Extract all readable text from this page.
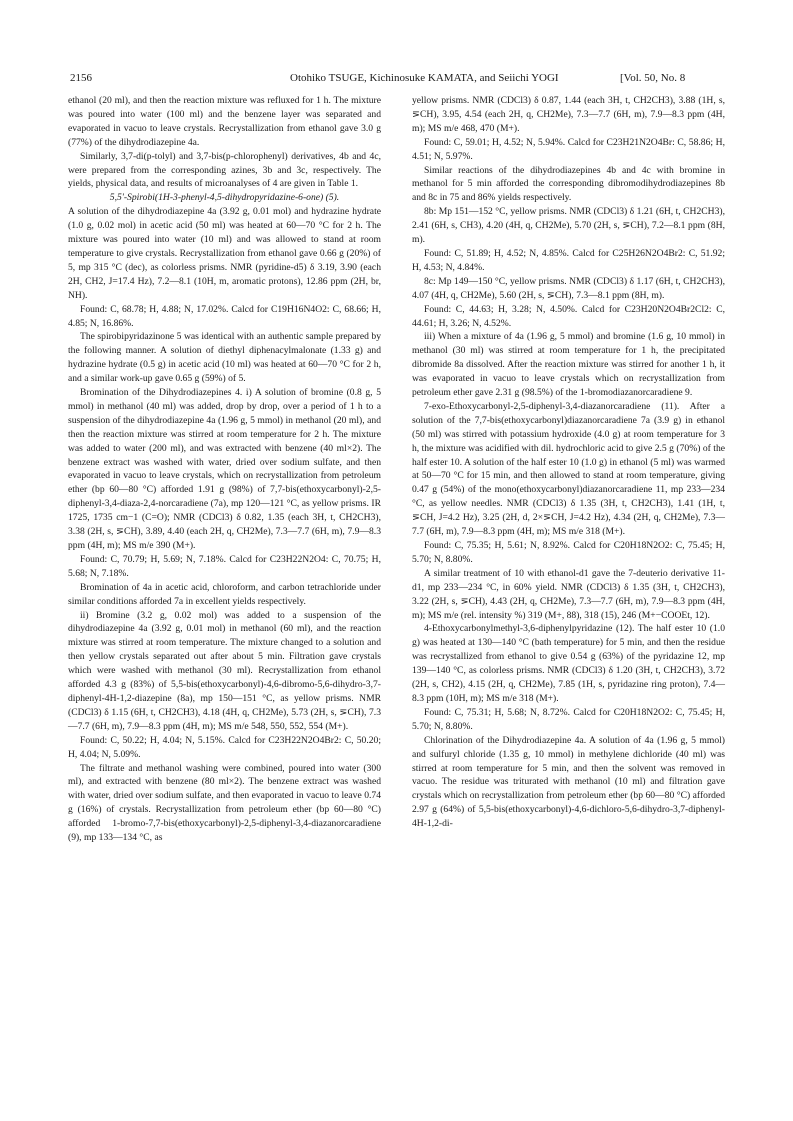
2156	Otohiko TSUGE, Kichinosuke KAMATA, and Seiichi YOGI	[Vol. 50, No. 8

ethanol (20 ml), and then the reaction mixture was refluxed for 1 h. The mixture was poured into water (100 ml) and the benzene layer was separated and evaporated in vacuo to leave crystals. Recrystallization from ethanol gave 3.0 g (77%) of the dihydrodiazepine 4a.

Similarly, 3,7-di(p-tolyl) and 3,7-bis(p-chlorophenyl) derivatives, 4b and 4c, were prepared from the corresponding azines, 3b and 3c, respectively. The yields, physical data, and results of microanalyses of 4 are given in Table 1.

5,5'-Spirobi(1H-3-phenyl-4,5-dihydropyridazine-6-one) (5).

A solution of the dihydrodiazepine 4a (3.92 g, 0.01 mol) and hydrazine hydrate (1.0 g, 0.02 mol) in acetic acid (50 ml) was heated at 60—70 °C for 2 h. The mixture was poured into water (10 ml) and was allowed to stand at room temperature to give crystals. Recrystallization from ethanol gave 0.66 g (20%) of 5, mp 315 °C (dec), as colorless prisms. NMR (pyridine-d5) δ 3.19, 3.90 (each 2H, CH2, J=17.4 Hz), 7.2—8.1 (10H, m, aromatic protons), 12.86 ppm (2H, br, NH).

Found: C, 68.78; H, 4.88; N, 17.02%. Calcd for C19H16N4O2: C, 68.66; H, 4.85; N, 16.86%.

The spirobipyridazinone 5 was identical with an authentic sample prepared by the following manner. A solution of diethyl diphenacylmalonate (1.33 g) and hydrazine hydrate (0.5 g) in acetic acid (10 ml) was heated at 60—70 °C for 2 h, and a similar work-up gave 0.65 g (59%) of 5.

Bromination of the Dihydrodiazepines 4. i) A solution of bromine (0.8 g, 5 mmol) in methanol (40 ml) was added, drop by drop, over a period of 1 h to a suspension of the dihydrodiazepine 4a (1.96 g, 5 mmol) in methanol (20 ml), and then the reaction mixture was stirred at room temperature for 2 h. The mixture was added to water (200 ml), and was extracted with benzene (40 ml×2). The benzene extract was washed with water, dried over sodium sulfate, and then evaporated in vacuo to leave crystals, which on recrystallization from petroleum ether (bp 60—80 °C) afforded 1.91 g (98%) of 7,7-bis(ethoxycarbonyl)-2,5-diphenyl-3,4-diaza-2,4-norcaradiene (7a), mp 120—121 °C, as yellow prisms. IR 1725, 1735 cm−1 (C=O); NMR (CDCl3) δ 0.82, 1.35 (each 3H, t, CH2CH3), 3.38 (2H, s, ⋝CH), 3.89, 4.40 (each 2H, q, CH2Me), 7.3—7.7 (6H, m), 7.9—8.3 ppm (4H, m); MS m/e 390 (M+).

Found: C, 70.79; H, 5.69; N, 7.18%. Calcd for C23H22N2O4: C, 70.75; H, 5.68; N, 7.18%.

Bromination of 4a in acetic acid, chloroform, and carbon tetrachloride under similar conditions afforded 7a in excellent yields respectively.

ii) Bromine (3.2 g, 0.02 mol) was added to a suspension of the dihydrodiazepine 4a (3.92 g, 0.01 mol) in methanol (60 ml), and the reaction mixture was stirred at room temperature. The mixture changed to a solution and then yellow crystals separated out after about 5 min. Filtration gave crystals which were washed with methanol (30 ml). Recrystallization from ethanol afforded 4.3 g (83%) of 5,5-bis(ethoxycarbonyl)-4,6-dibromo-5,6-dihydro-3,7-diphenyl-4H-1,2-diazepine (8a), mp 150—151 °C, as yellow prisms. NMR (CDCl3) δ 1.15 (6H, t, CH2CH3), 4.18 (4H, q, CH2Me), 5.73 (2H, s, ⋝CH), 7.3—7.7 (6H, m), 7.9—8.3 ppm (4H, m); MS m/e 548, 550, 552, 554 (M+).

Found: C, 50.22; H, 4.04; N, 5.15%. Calcd for C23H22N2O4Br2: C, 50.20; H, 4.04; N, 5.09%.

The filtrate and methanol washing were combined, poured into water (300 ml), and extracted with benzene (80 ml×2). The benzene extract was washed with water, dried over sodium sulfate, and then evaporated in vacuo to leave 0.74 g (16%) of crystals. Recrystallization from petroleum ether (bp 60—80 °C) afforded 1-bromo-7,7-bis(ethoxycarbonyl)-2,5-diphenyl-3,4-diazanorcaradiene (9), mp 133—134 °C, as

yellow prisms. NMR (CDCl3) δ 0.87, 1.44 (each 3H, t, CH2CH3), 3.88 (1H, s, ⋝CH), 3.95, 4.54 (each 2H, q, CH2Me), 7.3—7.7 (6H, m), 7.9—8.3 ppm (4H, m); MS m/e 468, 470 (M+).

Found: C, 59.01; H, 4.52; N, 5.94%. Calcd for C23H21N2O4Br: C, 58.86; H, 4.51; N, 5.97%.

Similar reactions of the dihydrodiazepines 4b and 4c with bromine in methanol for 5 min afforded the corresponding dibromodihydrodiazepines 8b and 8c in 75 and 86% yields respectively.

8b: Mp 151—152 °C, yellow prisms. NMR (CDCl3) δ 1.21 (6H, t, CH2CH3), 2.41 (6H, s, CH3), 4.20 (4H, q, CH2Me), 5.70 (2H, s, ⋝CH), 7.2—8.1 ppm (8H, m).

Found: C, 51.89; H, 4.52; N, 4.85%. Calcd for C25H26N2O4Br2: C, 51.92; H, 4.53; N, 4.84%.

8c: Mp 149—150 °C, yellow prisms. NMR (CDCl3) δ 1.17 (6H, t, CH2CH3), 4.07 (4H, q, CH2Me), 5.60 (2H, s, ⋝CH), 7.3—8.1 ppm (8H, m).

Found: C, 44.63; H, 3.28; N, 4.50%. Calcd for C23H20N2O4Br2Cl2: C, 44.61; H, 3.26; N, 4.52%.

iii) When a mixture of 4a (1.96 g, 5 mmol) and bromine (1.6 g, 10 mmol) in methanol (30 ml) was stirred at room temperature for 1 h, the precipitated dibromide 8a dissolved. After the reaction mixture was stirred for another 1 h, it was evaporated in vacuo to leave crystals which on recrystallization from petroleum ether gave 2.31 g (98.5%) of the 1-bromodiazanorcaradiene 9.

7-exo-Ethoxycarbonyl-2,5-diphenyl-3,4-diazanorcaradiene (11). After a solution of the 7,7-bis(ethoxycarbonyl)diazanorcaradiene 7a (3.9 g) in ethanol (50 ml) was stirred with potassium hydroxide (4.0 g) at room temperature for 3 h, the mixture was acidified with dil. hydrochloric acid to give 2.5 g (70%) of the half ester 10. A solution of the half ester 10 (1.0 g) in ethanol (5 ml) was warmed at 50—70 °C for 15 min, and then allowed to stand at room temperature, giving 0.47 g (54%) of the mono(ethoxycarbonyl)diazanorcaradiene 11, mp 233—234 °C, as yellow needles. NMR (CDCl3) δ 1.35 (3H, t, CH2CH3), 1.41 (1H, t, ⋝CH, J=4.2 Hz), 3.25 (2H, d, 2×⋝CH, J=4.2 Hz), 4.34 (2H, q, CH2Me), 7.3—7.7 (6H, m), 7.9—8.3 ppm (4H, m); MS m/e 318 (M+).

Found: C, 75.35; H, 5.61; N, 8.92%. Calcd for C20H18N2O2: C, 75.45; H, 5.70; N, 8.80%.

A similar treatment of 10 with ethanol-d1 gave the 7-deuterio derivative 11-d1, mp 233—234 °C, in 60% yield. NMR (CDCl3) δ 1.35 (3H, t, CH2CH3), 3.22 (2H, s, ⋝CH), 4.43 (2H, q, CH2Me), 7.3—7.7 (6H, m), 7.9—8.3 ppm (4H, m); MS m/e (rel. intensity %) 319 (M+, 88), 318 (15), 246 (M+−COOEt, 12).

4-Ethoxycarbonylmethyl-3,6-diphenylpyridazine (12). The half ester 10 (1.0 g) was heated at 130—140 °C (bath temperature) for 5 min, and then the residue was recrystallized from ethanol to give 0.54 g (63%) of the pyridazine 12, mp 139—140 °C, as colorless prisms. NMR (CDCl3) δ 1.20 (3H, t, CH2CH3), 3.72 (2H, s, CH2), 4.15 (2H, q, CH2Me), 7.85 (1H, s, pyridazine ring proton), 7.4—8.3 ppm (10H, m); MS m/e 318 (M+).

Found: C, 75.31; H, 5.68; N, 8.72%. Calcd for C20H18N2O2: C, 75.45; H, 5.70; N, 8.80%.

Chlorination of the Dihydrodiazepine 4a. A solution of 4a (1.96 g, 5 mmol) and sulfuryl chloride (1.35 g, 10 mmol) in methylene dichloride (40 ml) was stirred at room temperature for 5 min, and then the solvent was removed in vacuo. The residue was triturated with methanol (10 ml) and filtration gave crystals which on recrystallization from petroleum ether (bp 60—80 °C) afforded 2.97 g (64%) of 5,5-bis(ethoxycarbonyl)-4,6-dichloro-5,6-dihydro-3,7-diphenyl-4H-1,2-di-
